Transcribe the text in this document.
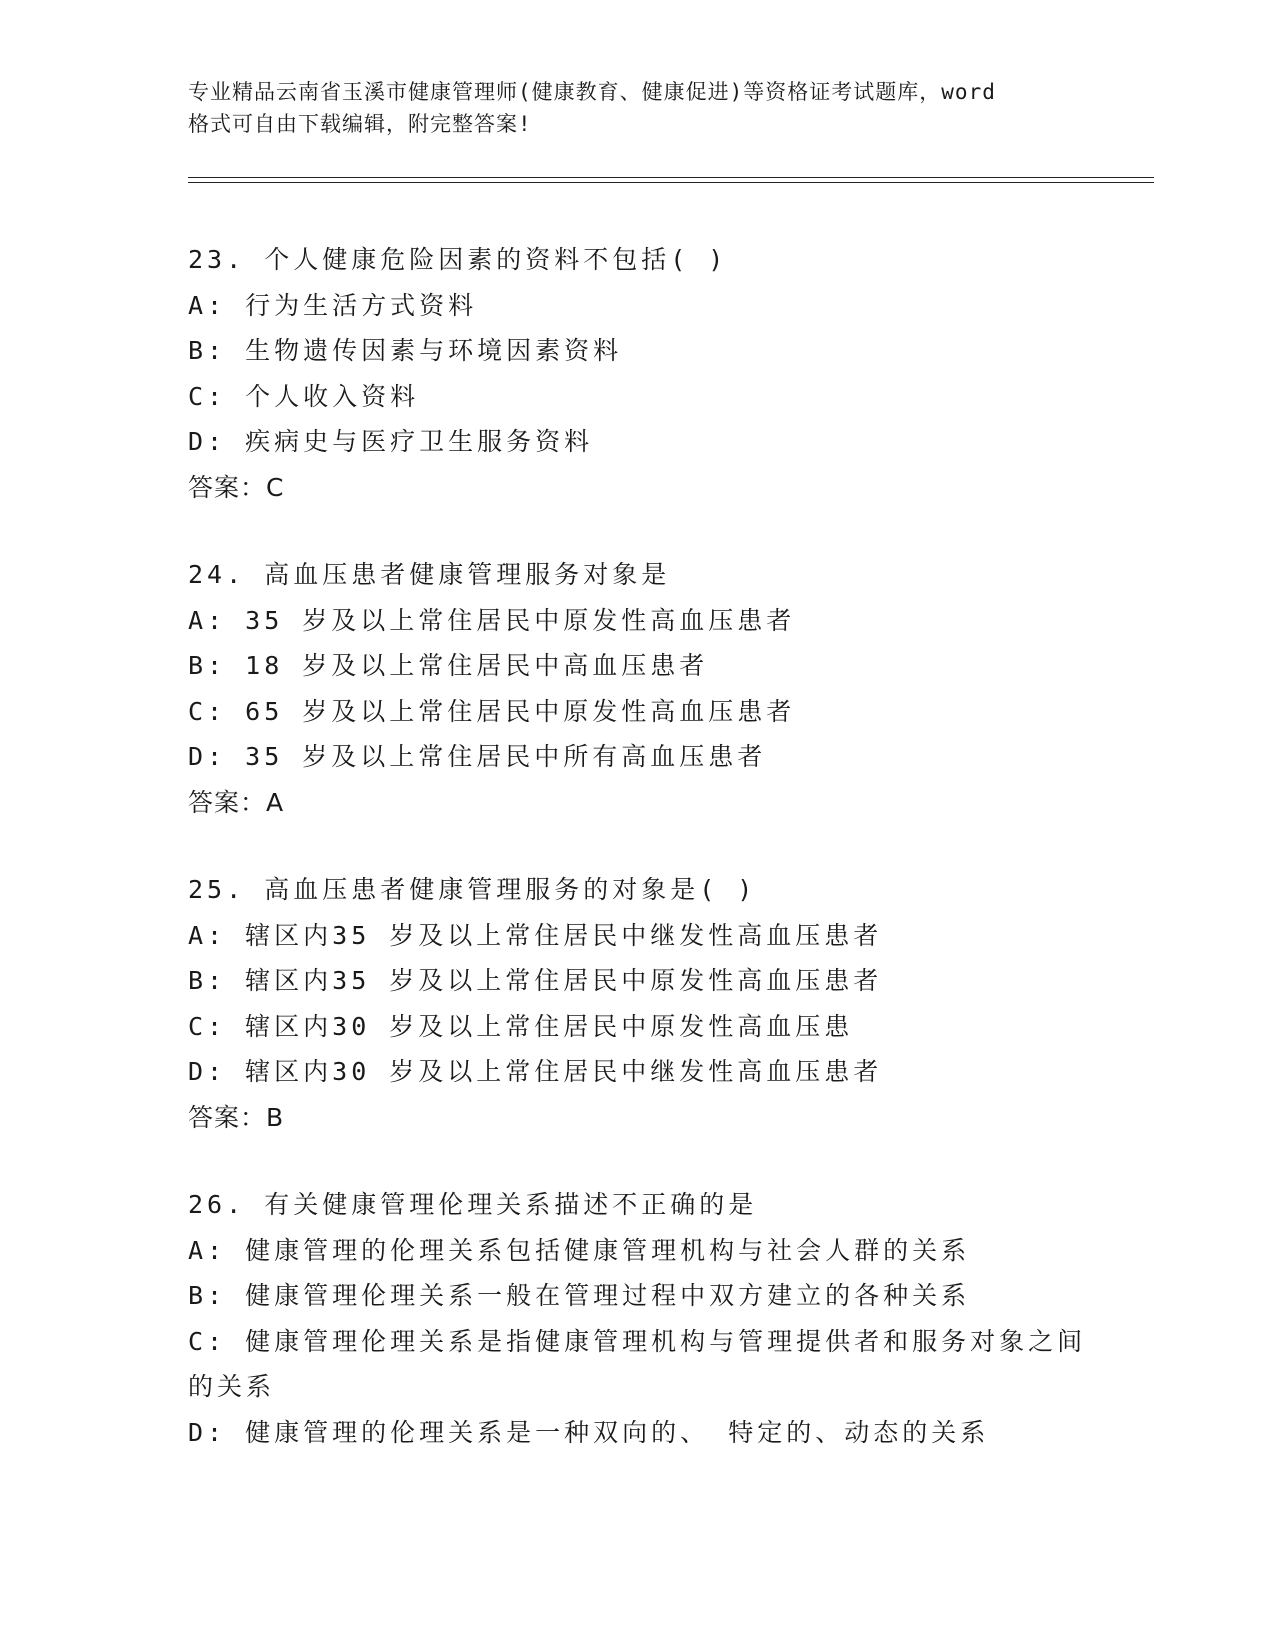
专业精品云南省玉溪市健康管理师(健康教育、健康促进)等资格证考试题库，word
格式可自由下载编辑，附完整答案!
23. 个人健康危险因素的资料不包括( )
A: 行为生活方式资料
B: 生物遗传因素与环境因素资料
C: 个人收入资料
D: 疾病史与医疗卫生服务资料
答案：C
24. 高血压患者健康管理服务对象是
A: 35 岁及以上常住居民中原发性高血压患者
B: 18 岁及以上常住居民中高血压患者
C: 65 岁及以上常住居民中原发性高血压患者
D: 35 岁及以上常住居民中所有高血压患者
答案：A
25. 高血压患者健康管理服务的对象是( )
A: 辖区内35 岁及以上常住居民中继发性高血压患者
B: 辖区内35 岁及以上常住居民中原发性高血压患者
C: 辖区内30 岁及以上常住居民中原发性高血压患
D: 辖区内30 岁及以上常住居民中继发性高血压患者
答案：B
26. 有关健康管理伦理关系描述不正确的是
A: 健康管理的伦理关系包括健康管理机构与社会人群的关系
B: 健康管理伦理关系一般在管理过程中双方建立的各种关系
C: 健康管理伦理关系是指健康管理机构与管理提供者和服务对象之间
的关系
D: 健康管理的伦理关系是一种双向的、 特定的、动态的关系
